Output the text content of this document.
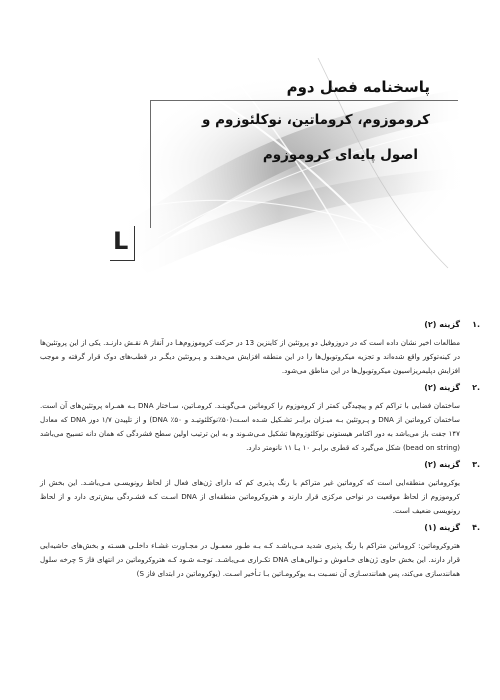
پاسخنامه فصل دوم
کروموزوم، کروماتین، نوکلئوزوم و
اصول پایه‌ای کروموزوم
L
.۱
گزینه (۲)

مطالعات اخیر نشان داده است که در دروزوفیل دو پروتئین از کاینزین 13 در حرکت کروموزوم‌هـا در آنفاز A نقـش دارنـد. یکی از این پروتئین‌ها در کینه‌توکور واقع شده‌اند و تجزیه میکروتوبول‌ها را در این منطقه افزایش می‌دهنـد و پـروتئین دیگـر در قطب‌های دوک قرار گرفته و موجب افزایش دپلیمریزاسیون میکروتوبول‌ها در این مناطق می‌شود.

.۲
گزینه (۲)

ساختمان فضایی با تراکم کم و پیچیدگی کمتر از کروموزوم را کروماتین مـی‌گوینـد. کرومـاتین، سـاختار DNA بـه همـراه پروتئین‌های آن است. ساختمان کروماتین از DNA و پـروتئین بـه میـزان برابـر تشـکیل شـده اسـت(۵۰٪نوکلئوتیـد و ۵۰٪ DNA) و از تلپیدن ۱/۷ دور DNA که معادل ۱۴۷ جفت باز می‌باشد به دور اکتامر هیستونی نوکلئوزوم‌ها تشکیل مـی‌شـوند و به این ترتیب اولین سطح فشردگی که همان دانه تسبیح می‌باشد (bead on string) شکل می‌گیرد که قطری برابـر ۱۰ یـا ۱۱ نانومتر دارد.

.۳
گزینه (۲)

یوکروماتین منطقه‌ایی است که کروماتین غیر متراکم با رنگ پذیری کم که دارای ژن‌های فعال از لحاظ رونویسـی مـی‌باشـد. این بخش از کروموزوم از لحاظ موقعیت در نواحی مرکزی قرار دارند و هتروکروماتین منطقه‌ای از DNA اسـت کـه فشـردگی بیش‌تری دارد و از لحاظ رونویسی ضعیف است.

.۴
گزینه (۱)

هتروکروماتین: کروماتین متراکم با رنگ پذیری شدید مـی‌باشـد کـه بـه طـور معمـول در مجـاورت غشـاء داخلـی هسـته و بخش‌های حاشیه‌ایی قرار دارند. این بخش حاوی ژن‌های خـاموش و تـوالی‌هـای DNA تکـراری مـی‌باشـد. توجـه شـود کـه هتروکروماتین در انتهای فاز S چرخه سلول همانندسازی می‌کند، پس همانندسـازی آن نسـبت بـه یوکرومـاتین بـا تـأخیر اسـت. (یوکروماتین در ابتدای فاز S)
